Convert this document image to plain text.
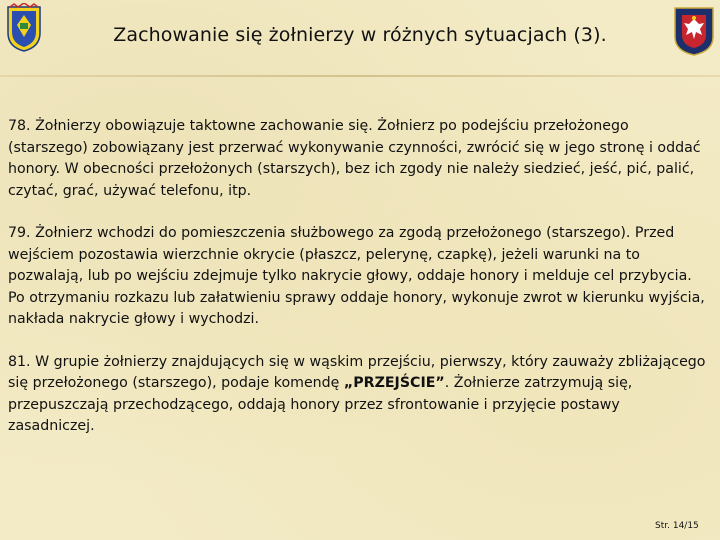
Zachowanie się żołnierzy w różnych sytuacjach (3).

78. Żołnierzy obowiązuje taktowne zachowanie się. Żołnierz po podejściu przełożonego (starszego) zobowiązany jest przerwać wykonywanie czynności, zwrócić się w jego stronę i oddać honory. W obecności przełożonych (starszych), bez ich zgody nie należy siedzieć, jeść, pić, palić, czytać, grać, używać telefonu, itp.

79. Żołnierz wchodzi do pomieszczenia służbowego za zgodą przełożonego (starszego). Przed wejściem pozostawia wierzchnie okrycie (płaszcz, pelerynę, czapkę), jeżeli warunki na to pozwalają, lub po wejściu zdejmuje tylko nakrycie głowy, oddaje honory i melduje cel przybycia. Po otrzymaniu rozkazu lub załatwieniu sprawy oddaje honory, wykonuje zwrot w kierunku wyjścia, nakłada nakrycie głowy i wychodzi.

81. W grupie żołnierzy znajdujących się w wąskim przejściu, pierwszy, który zauważy zbliżającego się przełożonego (starszego), podaje komendę „PRZEJŚCIE”. Żołnierze zatrzymują się, przepuszczają przechodzącego, oddają honory przez sfrontowanie i przyjęcie postawy zasadniczej.

Str. 14/15
